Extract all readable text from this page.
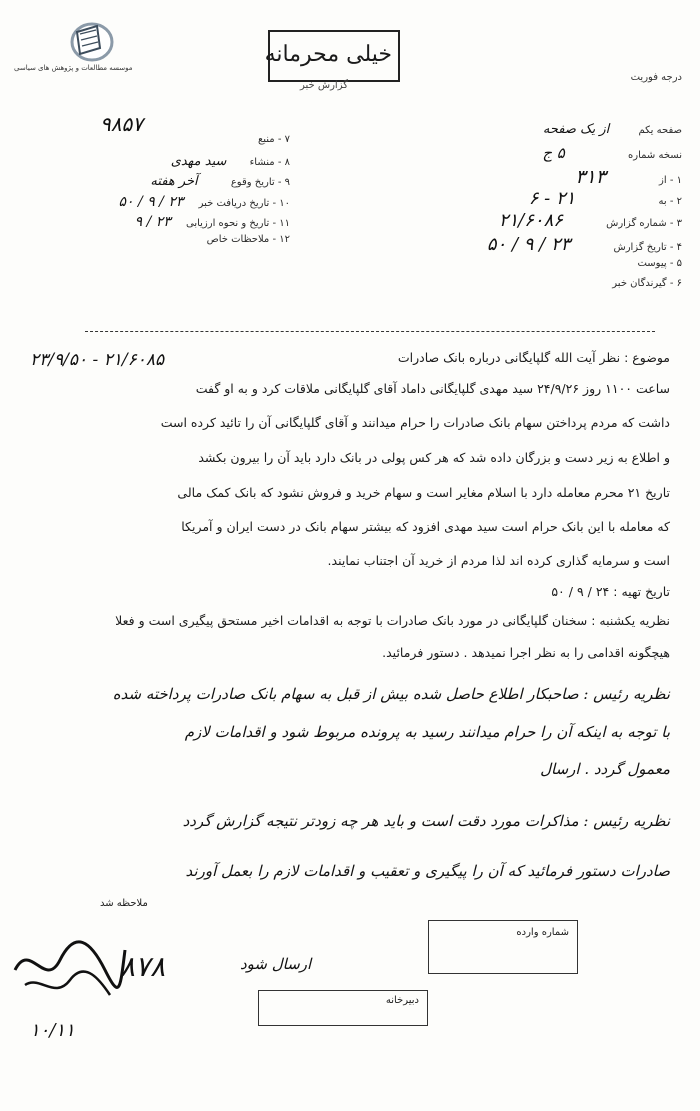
موسسه مطالعات و پژوهش های سیاسی
خیلی محرمانه
گزارش خبر
درجه فوریت
صفحه یکم از یک صفحه
نسخه شماره ۵ ج
۱ - از ۳۱۳
۲ - به ۲۱ - ۶
۳ - شماره گزارش ۲۱/۶۰۸۶
۴ - تاریخ گزارش ۲۳ / ۹ / ۵۰
۵ - پیوست
۶ - گیرندگان خبر
۹۸۵۷
۷ - منبع
۸ - منشاء سید مهدی
۹ - تاریخ وقوع آخر هفته
۱۰ - تاریخ دریافت خبر ۲۳ / ۹ / ۵۰
۱۱ - تاریخ و نحوه ارزیابی ۲۳ / ۹
۱۲ - ملاحظات خاص
موضوع : نظر آیت الله گلپایگانی درباره بانک صادرات
۲۱/۶۰۸۵ - ۲۳/۹/۵۰
ساعت ۱۱۰۰ روز ۲۴/۹/۲۶ سید مهدی گلپایگانی داماد آقای گلپایگانی ملاقات کرد و به او گفت
داشت که مردم پرداختن سهام بانک صادرات را حرام میدانند و آقای گلپایگانی آن را تائید کرده است
و اطلاع به زیر دست و بزرگان داده شد که هر کس پولی در بانک دارد باید آن را بیرون بکشد
تاریخ ۲۱ محرم معامله دارد با اسلام مغایر است و سهام خرید و فروش نشود که بانک کمک مالی
که معامله با این بانک حرام است سید مهدی افزود که بیشتر سهام بانک در دست ایران و آمریکا
است و سرمایه گذاری کرده اند لذا مردم از خرید آن اجتناب نمایند.
تاریخ تهیه : ۲۴ / ۹ / ۵۰
نظریه یکشنبه : سخنان گلپایگانی در مورد بانک صادرات با توجه به اقدامات اخیر مستحق پیگیری است و فعلا
هیچگونه اقدامی را به نظر اجرا نمیدهد . دستور فرمائید.
نظریه رئیس : صاحبکار اطلاع حاصل شده بیش از قبل به سهام بانک صادرات پرداخته شده
با توجه به اینکه آن را حرام میدانند رسید به پرونده مربوط شود و اقدامات لازم
معمول گردد . ارسال
نظریه رئیس : مذاکرات مورد دقت است و باید هر چه زودتر نتیجه گزارش گردد
صادرات دستور فرمائید که آن را پیگیری و تعقیب و اقدامات لازم را بعمل آورند
ملاحظه شد
۸۷۸
۱۰/۱۱
ارسال شود
دبیرخانه
شماره وارده
